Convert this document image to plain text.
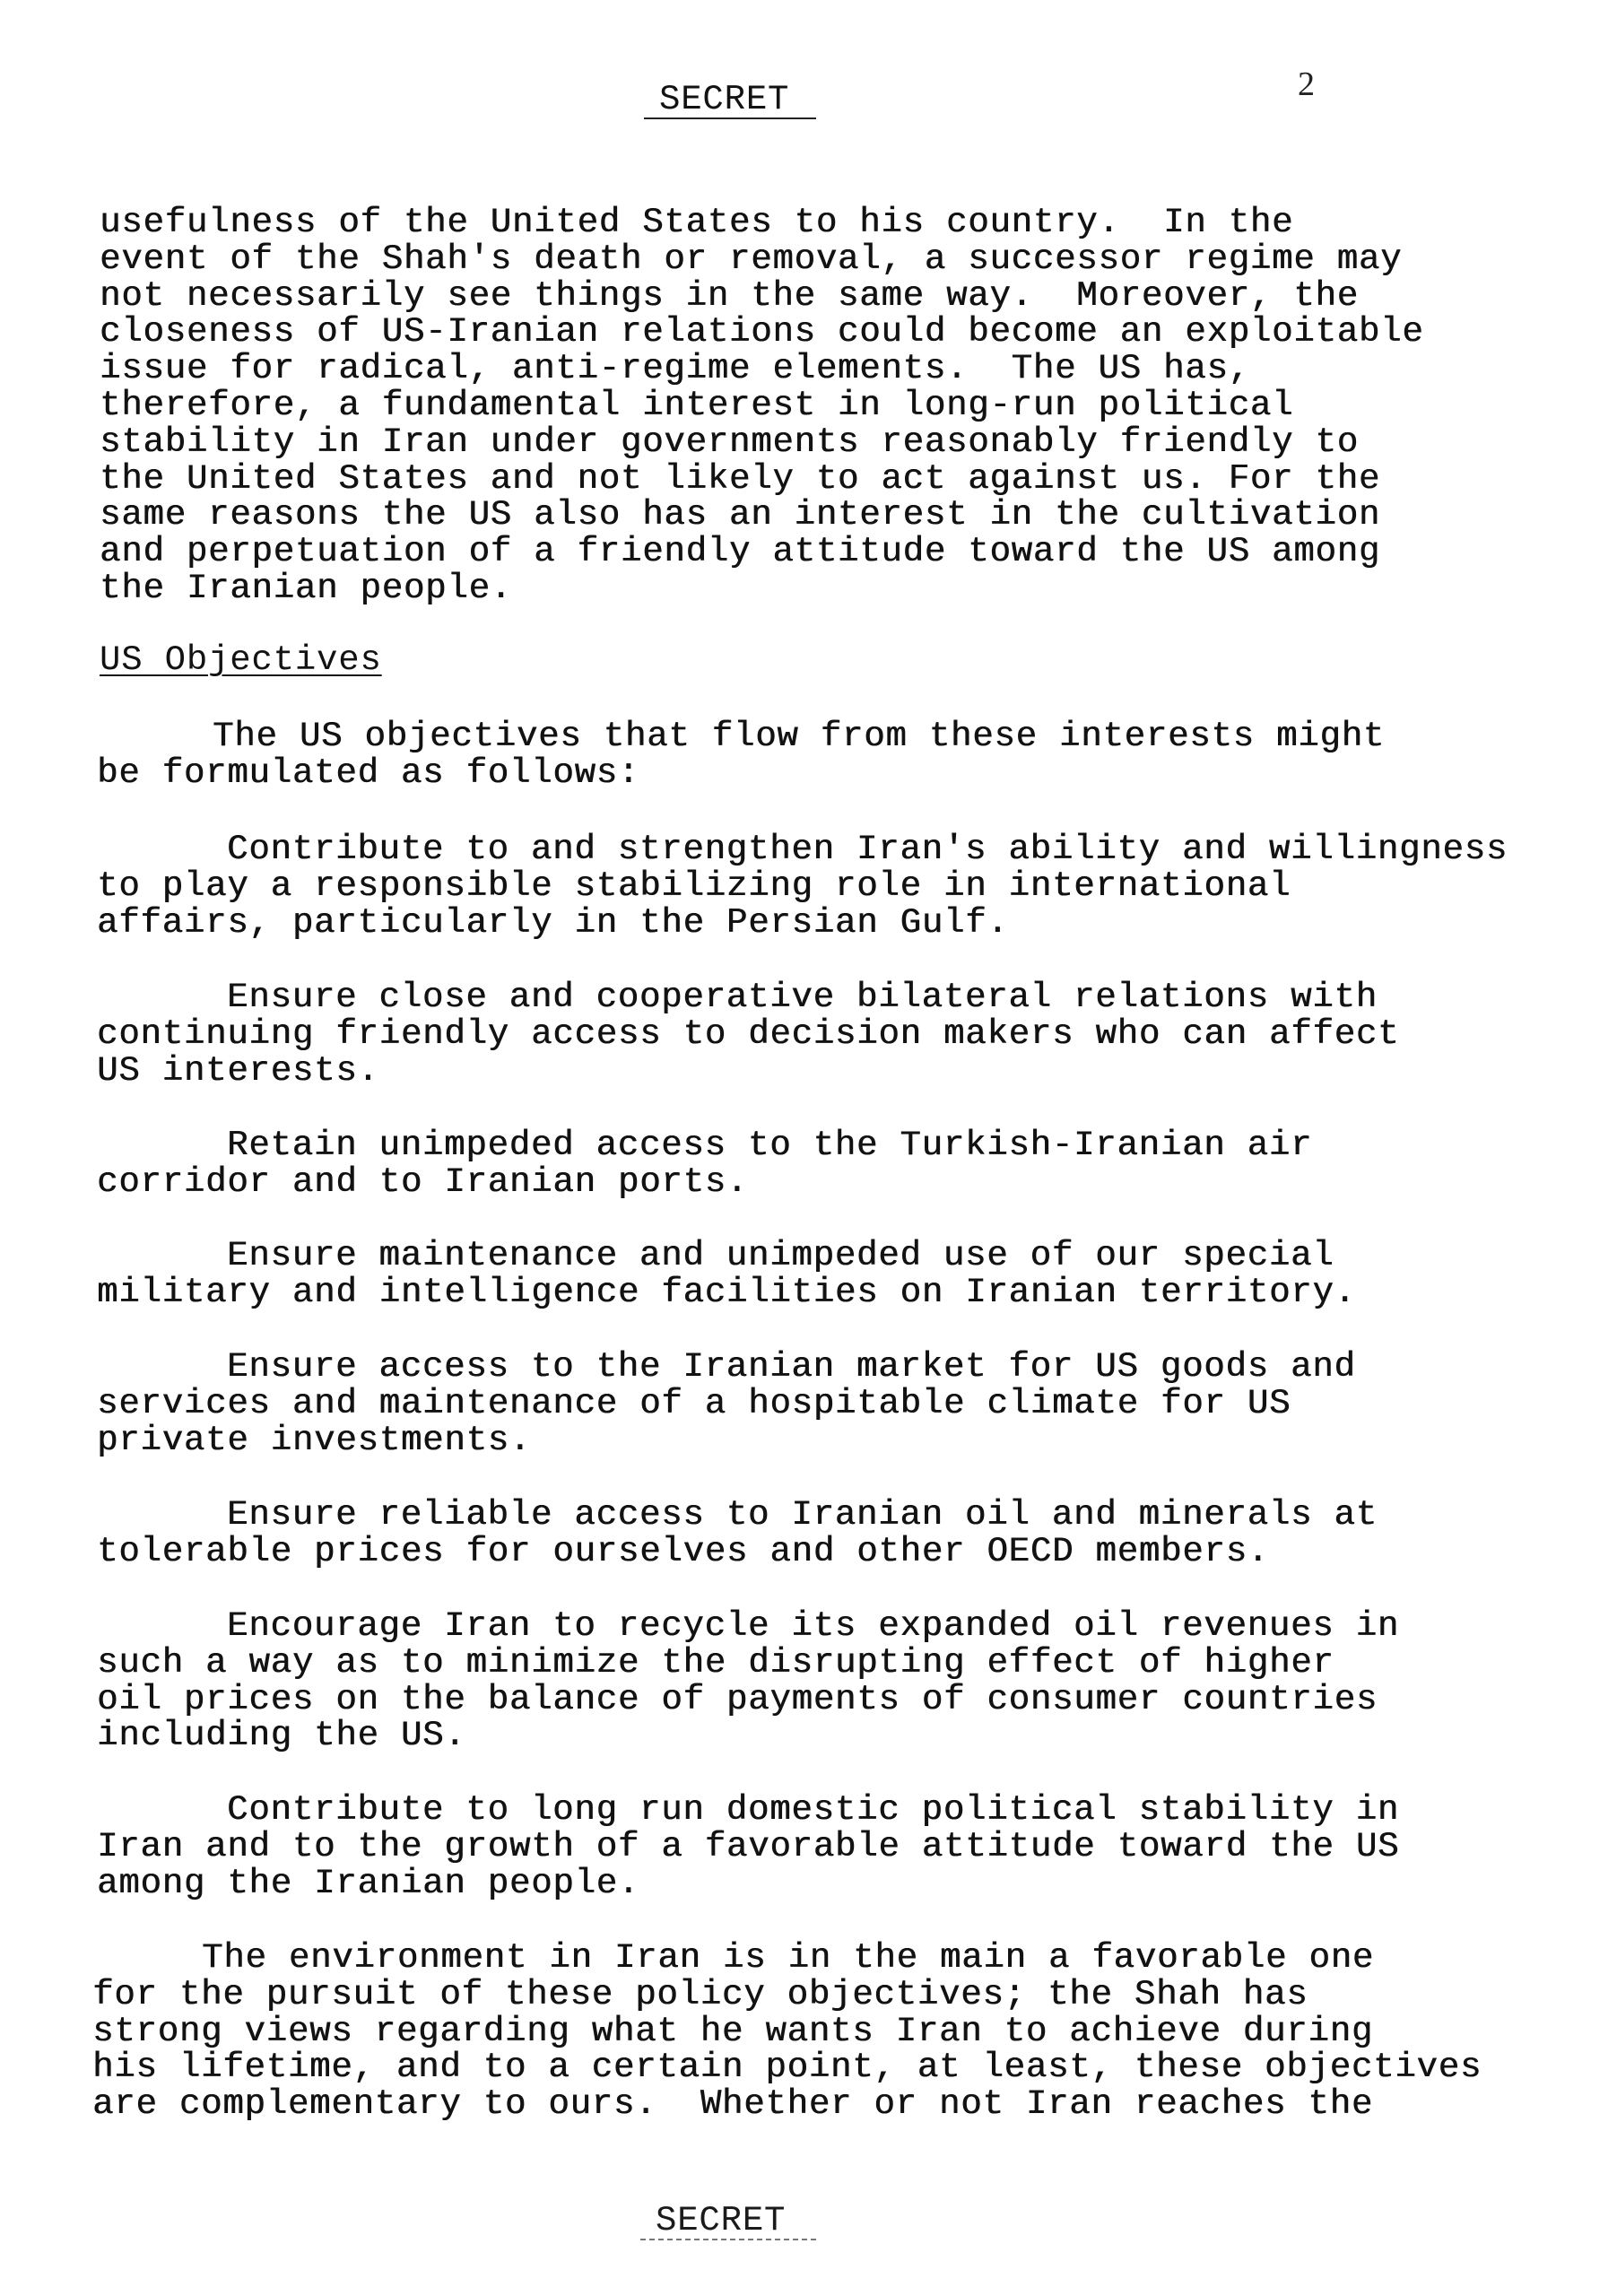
SECRET	2
usefulness of the United States to his country.  In the
event of the Shah's death or removal, a successor regime may
not necessarily see things in the same way.  Moreover, the
closeness of US-Iranian relations could become an exploitable
issue for radical, anti-regime elements.  The US has,
therefore, a fundamental interest in long-run political
stability in Iran under governments reasonably friendly to
the United States and not likely to act against us. For the
same reasons the US also has an interest in the cultivation
and perpetuation of a friendly attitude toward the US among
the Iranian people.
US Objectives
The US objectives that flow from these interests might
be formulated as follows:
Contribute to and strengthen Iran's ability and willingness
to play a responsible stabilizing role in international
affairs, particularly in the Persian Gulf.
Ensure close and cooperative bilateral relations with
continuing friendly access to decision makers who can affect
US interests.
Retain unimpeded access to the Turkish-Iranian air
corridor and to Iranian ports.
Ensure maintenance and unimpeded use of our special
military and intelligence facilities on Iranian territory.
Ensure access to the Iranian market for US goods and
services and maintenance of a hospitable climate for US
private investments.
Ensure reliable access to Iranian oil and minerals at
tolerable prices for ourselves and other OECD members.
Encourage Iran to recycle its expanded oil revenues in
such a way as to minimize the disrupting effect of higher
oil prices on the balance of payments of consumer countries
including the US.
Contribute to long run domestic political stability in
Iran and to the growth of a favorable attitude toward the US
among the Iranian people.
The environment in Iran is in the main a favorable one
for the pursuit of these policy objectives; the Shah has
strong views regarding what he wants Iran to achieve during
his lifetime, and to a certain point, at least, these objectives
are complementary to ours.  Whether or not Iran reaches the
SECRET
